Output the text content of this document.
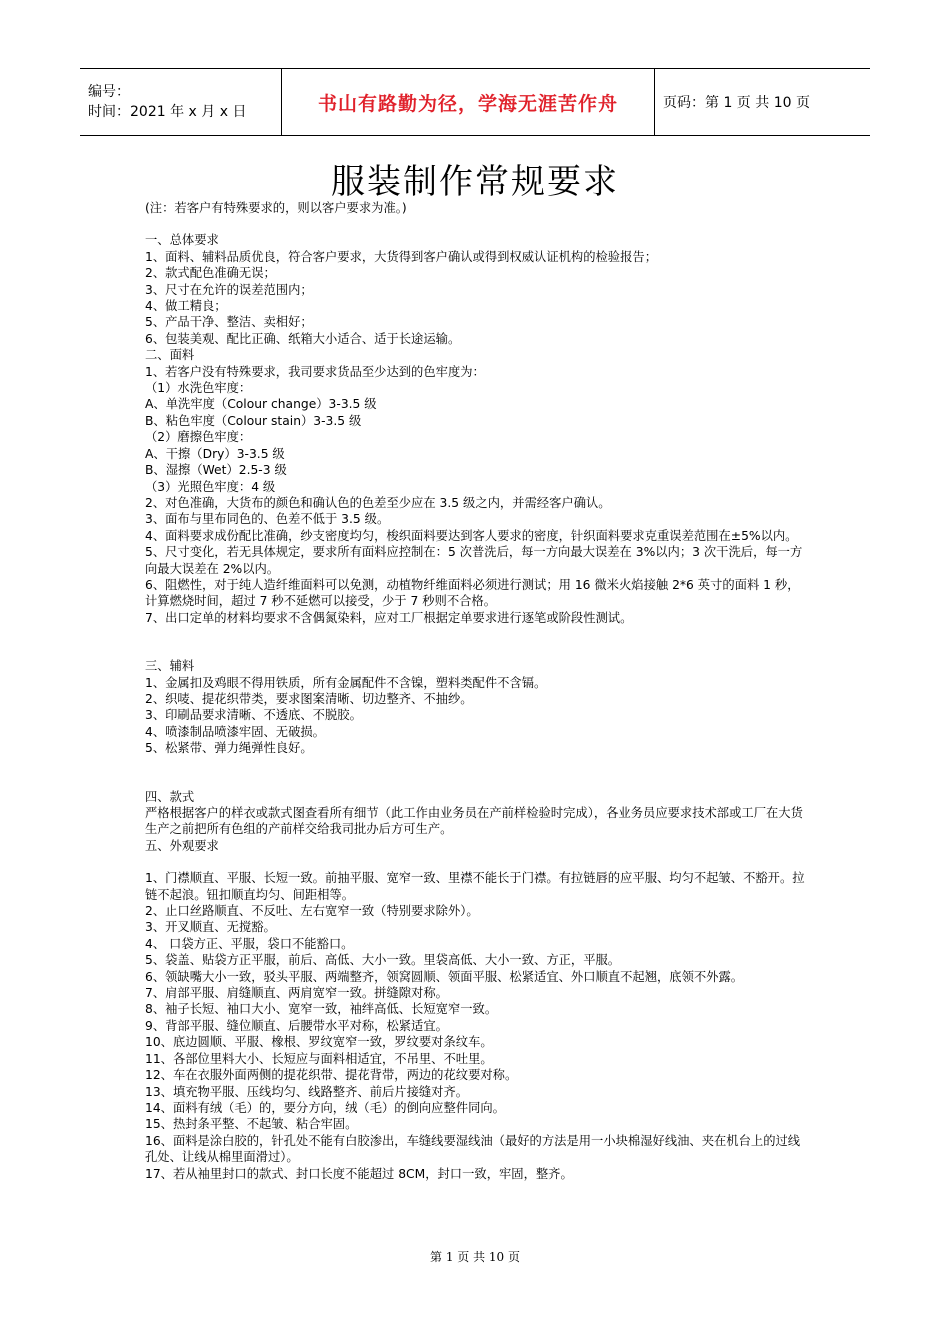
编号：
时间：2021 年 x 月 x 日	书山有路勤为径，学海无涯苦作舟	页码：第 1 页 共 10 页
服装制作常规要求

(注：若客户有特殊要求的，则以客户要求为准。)

一、总体要求

1、面料、辅料品质优良，符合客户要求，大货得到客户确认或得到权威认证机构的检验报告；

2、款式配色准确无误；

3、尺寸在允许的误差范围内；

4、做工精良；

5、产品干净、整洁、卖相好；

6、包装美观、配比正确、纸箱大小适合、适于长途运输。

二、面料

1、若客户没有特殊要求，我司要求货品至少达到的色牢度为：

（1）水洗色牢度：

A、单洗牢度（Colour change）3-3.5 级

B、粘色牢度（Colour stain）3-3.5 级

（2）磨擦色牢度：

A、干擦（Dry）3-3.5 级

B、湿擦（Wet）2.5-3 级

（3）光照色牢度：4 级

2、对色准确，大货布的颜色和确认色的色差至少应在 3.5 级之内，并需经客户确认。

3、面布与里布同色的、色差不低于 3.5 级。

4、面料要求成份配比准确，纱支密度均匀，梭织面料要达到客人要求的密度，针织面料要求克重误差范围在±5%以内。

5、尺寸变化，若无具体规定，要求所有面料应控制在：5 次普洗后，每一方向最大误差在 3%以内；3 次干洗后，每一方向最大误差在 2%以内。

6、阻燃性，对于纯人造纤维面料可以免测，动植物纤维面料必须进行测试；用 16 微米火焰接触 2*6 英寸的面料 1 秒，计算燃烧时间，超过 7 秒不延燃可以接受，少于 7 秒则不合格。

7、出口定单的材料均要求不含偶氮染料，应对工厂根据定单要求进行逐笔或阶段性测试。

三、辅料

1、金属扣及鸡眼不得用铁质，所有金属配件不含镍，塑料类配件不含镉。

2、织唛、提花织带类，要求图案清晰、切边整齐、不抽纱。

3、印刷品要求清晰、不透底、不脱胶。

4、喷漆制品喷漆牢固、无破损。

5、松紧带、弹力绳弹性良好。

四、款式

严格根据客户的样衣或款式图查看所有细节（此工作由业务员在产前样检验时完成），各业务员应要求技术部或工厂在大货生产之前把所有色组的产前样交给我司批办后方可生产。

五、外观要求

1、门襟顺直、平服、长短一致。前抽平服、宽窄一致、里襟不能长于门襟。有拉链唇的应平服、均匀不起皱、不豁开。拉链不起浪。钮扣顺直均匀、间距相等。

2、止口丝路顺直、不反吐、左右宽窄一致（特别要求除外）。

3、开叉顺直、无搅豁。

4、 口袋方正、平服，袋口不能豁口。

5、袋盖、贴袋方正平服，前后、高低、大小一致。里袋高低、大小一致、方正，平服。

6、领缺嘴大小一致，驳头平服、两端整齐，领窝圆顺、领面平服、松紧适宜、外口顺直不起翘，底领不外露。

7、肩部平服、肩缝顺直、两肩宽窄一致。拼缝隙对称。

8、袖子长短、袖口大小、宽窄一致，袖绊高低、长短宽窄一致。

9、背部平服、缝位顺直、后腰带水平对称，松紧适宜。

10、底边圆顺、平服、橡根、罗纹宽窄一致，罗纹要对条纹车。

11、各部位里料大小、长短应与面料相适宜，不吊里、不吐里。

12、车在衣服外面两侧的提花织带、提花背带，两边的花纹要对称。

13、填充物平服、压线均匀、线路整齐、前后片接缝对齐。

14、面料有绒（毛）的，要分方向，绒（毛）的倒向应整件同向。

15、热封条平整、不起皱、粘合牢固。

16、面料是涂白胶的，针孔处不能有白胶渗出，车缝线要湿线油（最好的方法是用一小块棉湿好线油、夹在机台上的过线孔处、让线从棉里面滑过）。

17、若从袖里封口的款式、封口长度不能超过 8CM，封口一致，牢固，整齐。

第 1 页 共 10 页
